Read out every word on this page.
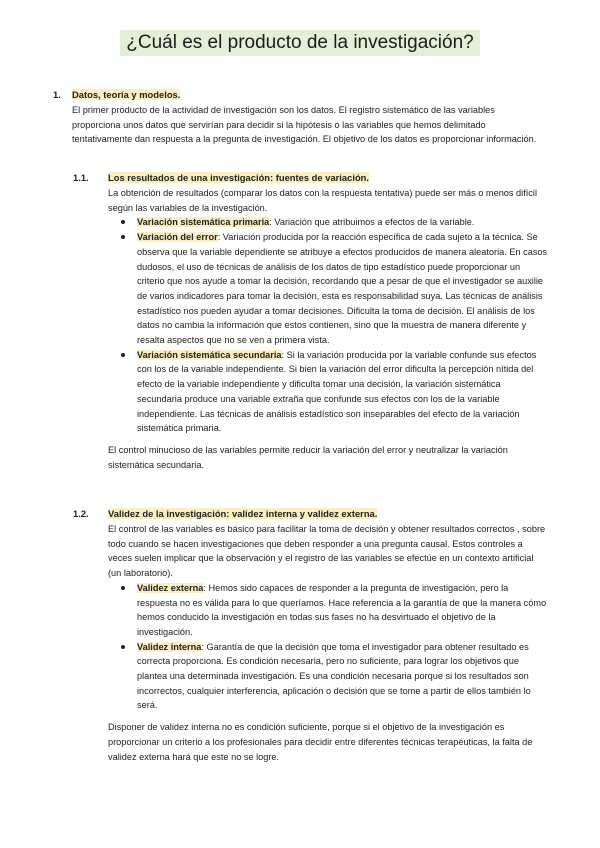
¿Cuál es el producto de la investigación?
1. Datos, teoría y modelos.

El primer producto de la actividad de investigación son los datos. El registro sistemático de las variables proporciona unos datos que servirían para decidir si la hipótesis o las variables que hemos delimitado tentativamente dan respuesta a la pregunta de investigación. El objetivo de los datos es proporcionar información.

1.1. Los resultados de una investigación: fuentes de variación.

La obtención de resultados (comparar los datos con la respuesta tentativa) puede ser más o menos difícil según las variables de la investigación.

Variación sistemática primaria: Variación que atribuimos a efectos de la variable.
Variación del error: Variación producida por la reacción específica de cada sujeto a la técnica. Se observa que la variable dependiente se atribuye a efectos producidos de manera aleatoria. En casos dudosos, el uso de técnicas de análisis de los datos de tipo estadístico puede proporcionar un criterio que nos ayude a tomar la decisión, recordando que a pesar de que el investigador se auxilie de varios indicadores para tomar la decisión, esta es responsabilidad suya. Las técnicas de análisis estadístico nos pueden ayudar a tomar decisiones. Dificulta la toma de decisión. El análisis de los datos no cambia la información que estos contienen, sino que la muestra de manera diferente y resalta aspectos que no se ven a primera vista.
Variación sistemática secundaria: Si la variación producida por la variable confunde sus efectos con los de la variable independiente. Si bien la variación del error dificulta la percepción nítida del efecto de la variable independiente y dificulta tomar una decisión, la variación sistemática secundaria produce una variable extraña que confunde sus efectos con los de la variable independiente. Las técnicas de análisis estadístico son inseparables del efecto de la variación sistemática primaria.

El control minucioso de las variables permite reducir la variación del error y neutralizar la variación sistemática secundaria.

1.2. Validez de la investigación: validez interna y validez externa.

El control de las variables es básico para facilitar la toma de decisión y obtener resultados correctos , sobre todo cuando se hacen investigaciones que deben responder a una pregunta causal. Estos controles a veces suelen implicar que la observación y el registro de las variables se efectúe en un contexto artificial (un laboratorio).

Validez externa: Hemos sido capaces de responder a la pregunta de investigación, pero la respuesta no es válida para lo que queríamos. Hace referencia a la garantía de que la manera cómo hemos conducido la investigación en todas sus fases no ha desvirtuado el objetivo de la investigación.
Validez interna: Garantía de que la decisión que toma el investigador para obtener resultado es correcta proporciona. Es condición necesaria, pero no suficiente, para lograr los objetivos que plantea una determinada investigación. Es una condición necesaria porque si los resultados son incorrectos, cualquier interferencia, aplicación o decisión que se tome a partir de ellos también lo será.

Disponer de validez interna no es condición suficiente, porque si el objetivo de la investigación es proporcionar un criterio a los profesionales para decidir entre diferentes técnicas terapéuticas, la falta de validez externa hará que este no se logre.
